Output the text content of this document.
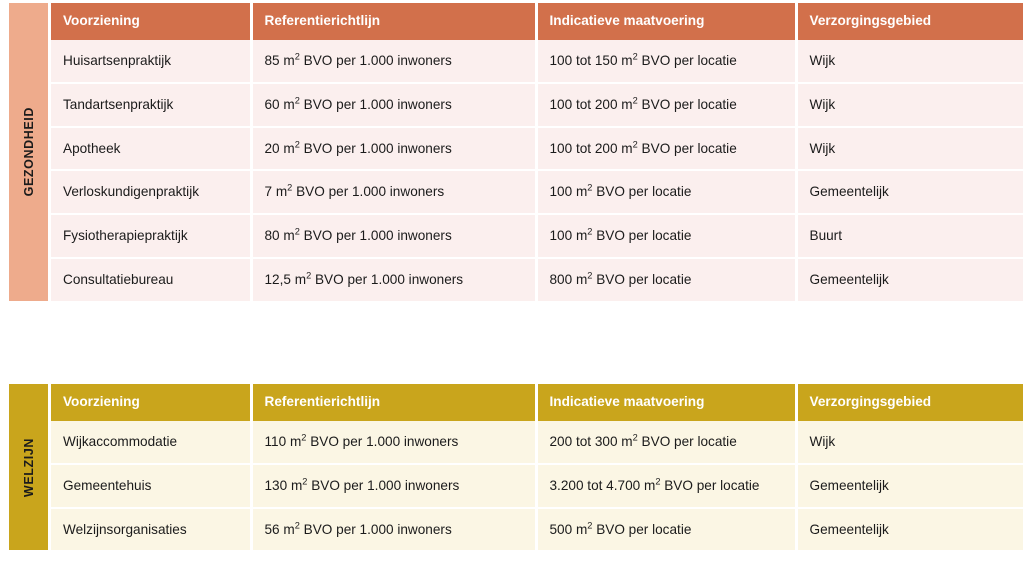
GEZONDHEID
Voorziening	Referentierichtlijn	Indicatieve maatvoering	Verzorgingsgebied
Huisartsenpraktijk	85 $m^2$ BVO per 1.000 inwoners	100 tot 150 $m^2$ BVO per locatie	Wijk
Tandartsenpraktijk	60 $m^2$ BVO per 1.000 inwoners	100 tot 200 $m^2$ BVO per locatie	Wijk
Apotheek	20 $m^2$ BVO per 1.000 inwoners	100 tot 200 $m^2$ BVO per locatie	Wijk
Verloskundigenpraktijk	7 $m^2$ BVO per 1.000 inwoners	100 $m^2$ BVO per locatie	Gemeentelijk
Fysiotherapiepraktijk	80 $m^2$ BVO per 1.000 inwoners	100 $m^2$ BVO per locatie	Buurt
Consultatiebureau	12,5 $m^2$ BVO per 1.000 inwoners	800 $m^2$ BVO per locatie	Gemeentelijk
WELZIJN
Voorziening	Referentierichtlijn	Indicatieve maatvoering	Verzorgingsgebied
Wijkaccommodatie	110 $m^2$ BVO per 1.000 inwoners	200 tot 300 $m^2$ BVO per locatie	Wijk
Gemeentehuis	130 $m^2$ BVO per 1.000 inwoners	3.200 tot 4.700 $m^2$ BVO per locatie	Gemeentelijk
Welzijnsorganisaties	56 $m^2$ BVO per 1.000 inwoners	500 $m^2$ BVO per locatie	Gemeentelijk
